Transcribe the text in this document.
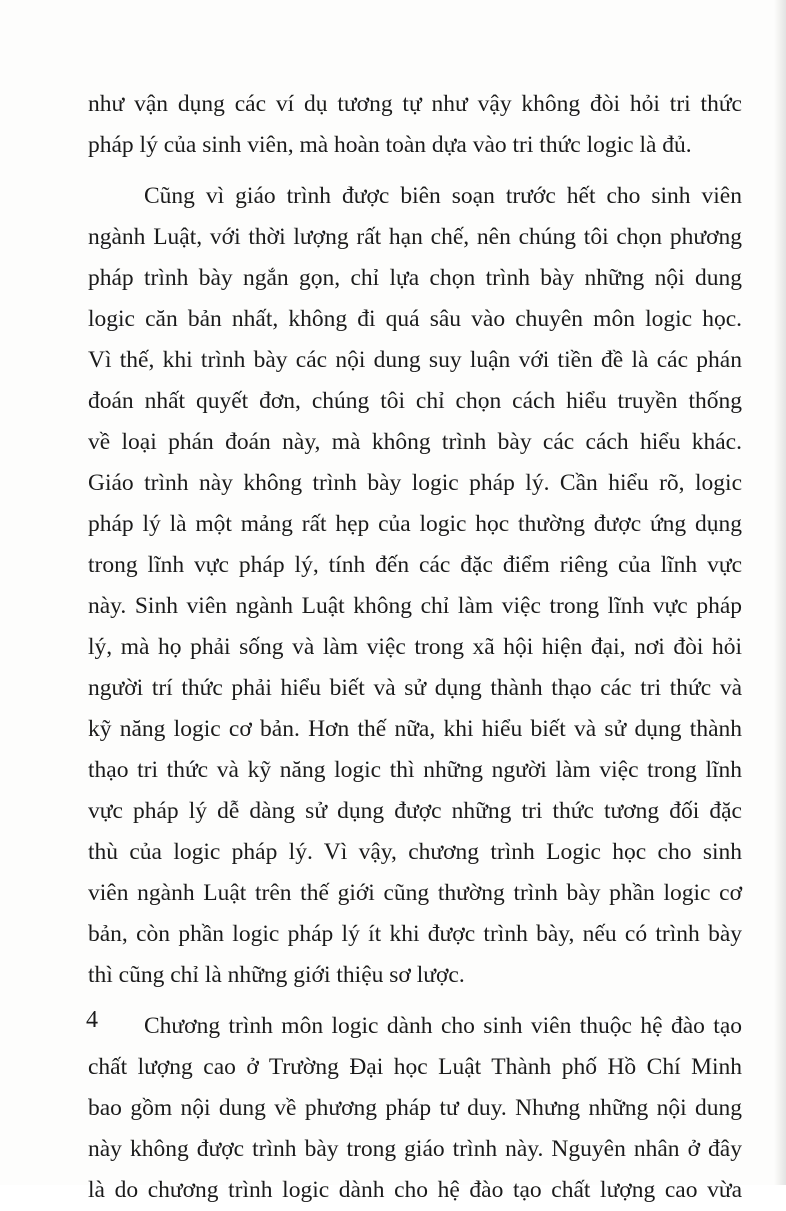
như vận dụng các ví dụ tương tự như vậy không đòi hỏi tri thức
pháp lý của sinh viên, mà hoàn toàn dựa vào tri thức logic là đủ.
Cũng vì giáo trình được biên soạn trước hết cho sinh viên
ngành Luật, với thời lượng rất hạn chế, nên chúng tôi chọn phương
pháp trình bày ngắn gọn, chỉ lựa chọn trình bày những nội dung
logic căn bản nhất, không đi quá sâu vào chuyên môn logic học.
Vì thế, khi trình bày các nội dung suy luận với tiền đề là các phán
đoán nhất quyết đơn, chúng tôi chỉ chọn cách hiểu truyền thống
về loại phán đoán này, mà không trình bày các cách hiểu khác.
Giáo trình này không trình bày logic pháp lý. Cần hiểu rõ, logic
pháp lý là một mảng rất hẹp của logic học thường được ứng dụng
trong lĩnh vực pháp lý, tính đến các đặc điểm riêng của lĩnh vực
này. Sinh viên ngành Luật không chỉ làm việc trong lĩnh vực pháp
lý, mà họ phải sống và làm việc trong xã hội hiện đại, nơi đòi hỏi
người trí thức phải hiểu biết và sử dụng thành thạo các tri thức và
kỹ năng logic cơ bản. Hơn thế nữa, khi hiểu biết và sử dụng thành
thạo tri thức và kỹ năng logic thì những người làm việc trong lĩnh
vực pháp lý dễ dàng sử dụng được những tri thức tương đối đặc
thù của logic pháp lý. Vì vậy, chương trình Logic học cho sinh
viên ngành Luật trên thế giới cũng thường trình bày phần logic cơ
bản, còn phần logic pháp lý ít khi được trình bày, nếu có trình bày
thì cũng chỉ là những giới thiệu sơ lược.
Chương trình môn logic dành cho sinh viên thuộc hệ đào tạo
chất lượng cao ở Trường Đại học Luật Thành phố Hồ Chí Minh
bao gồm nội dung về phương pháp tư duy. Nhưng những nội dung
này không được trình bày trong giáo trình này. Nguyên nhân ở đây
là do chương trình logic dành cho hệ đào tạo chất lượng cao vừa
4
